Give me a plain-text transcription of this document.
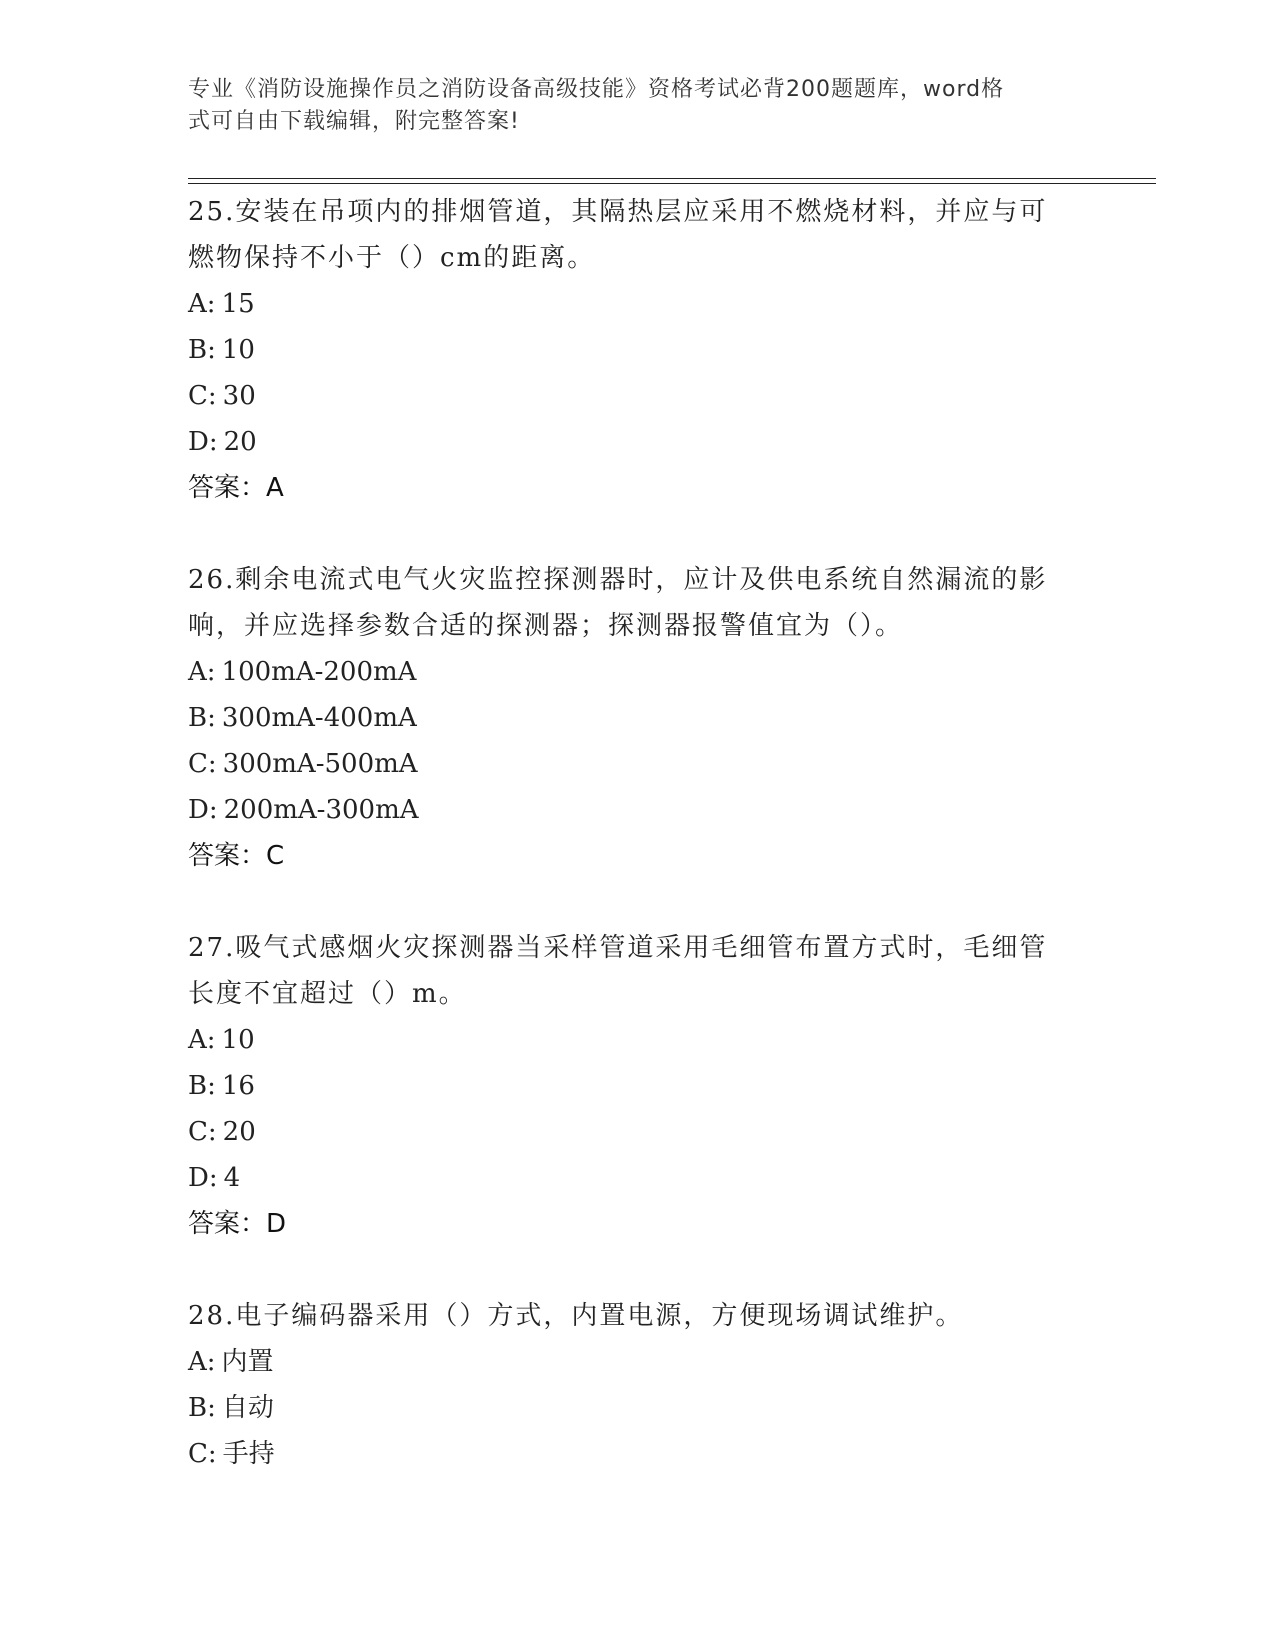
专业《消防设施操作员之消防设备高级技能》资格考试必背200题题库，word格
式可自由下载编辑，附完整答案!
25.安装在吊项内的排烟管道，其隔热层应采用不燃烧材料，并应与可
燃物保持不小于（）cm的距离。
A: 15
B: 10
C: 30
D: 20
答案：A
26.剩余电流式电气火灾监控探测器时，应计及供电系统自然漏流的影
响，并应选择参数合适的探测器；探测器报警值宜为（）。
A: 100mA-200mA
B: 300mA-400mA
C: 300mA-500mA
D: 200mA-300mA
答案：C
27.吸气式感烟火灾探测器当采样管道采用毛细管布置方式时，毛细管
长度不宜超过（）m。
A: 10
B: 16
C: 20
D: 4
答案：D
28.电子编码器采用（）方式，内置电源，方便现场调试维护。
A: 内置
B: 自动
C: 手持
